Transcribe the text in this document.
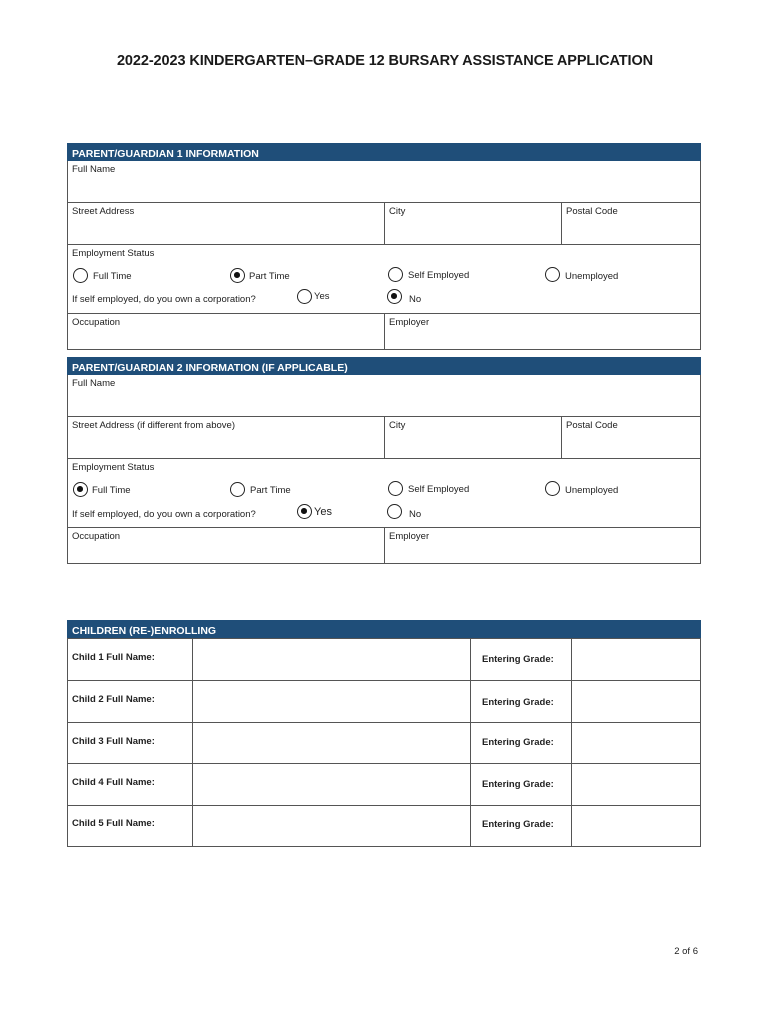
2022-2023 KINDERGARTEN–GRADE 12 BURSARY ASSISTANCE APPLICATION
PARENT/GUARDIAN 1 INFORMATION
Full Name
Street Address	City	Postal Code
Employment Status
Full Time	Part Time	Self Employed	Unemployed
If self employed, do you own a corporation?	Yes	No
Occupation	Employer
PARENT/GUARDIAN 2 INFORMATION (IF APPLICABLE)
Full Name
Street Address (if different from above)	City	Postal Code
Employment Status
Full Time	Part Time	Self Employed	Unemployed
If self employed, do you own a corporation?	Yes	No
Occupation	Employer
CHILDREN (RE-)ENROLLING
Child 1 Full Name:	Entering Grade:
Child 2 Full Name:	Entering Grade:
Child 3 Full Name:	Entering Grade:
Child 4 Full Name:	Entering Grade:
Child 5 Full Name:	Entering Grade:
2 of 6
